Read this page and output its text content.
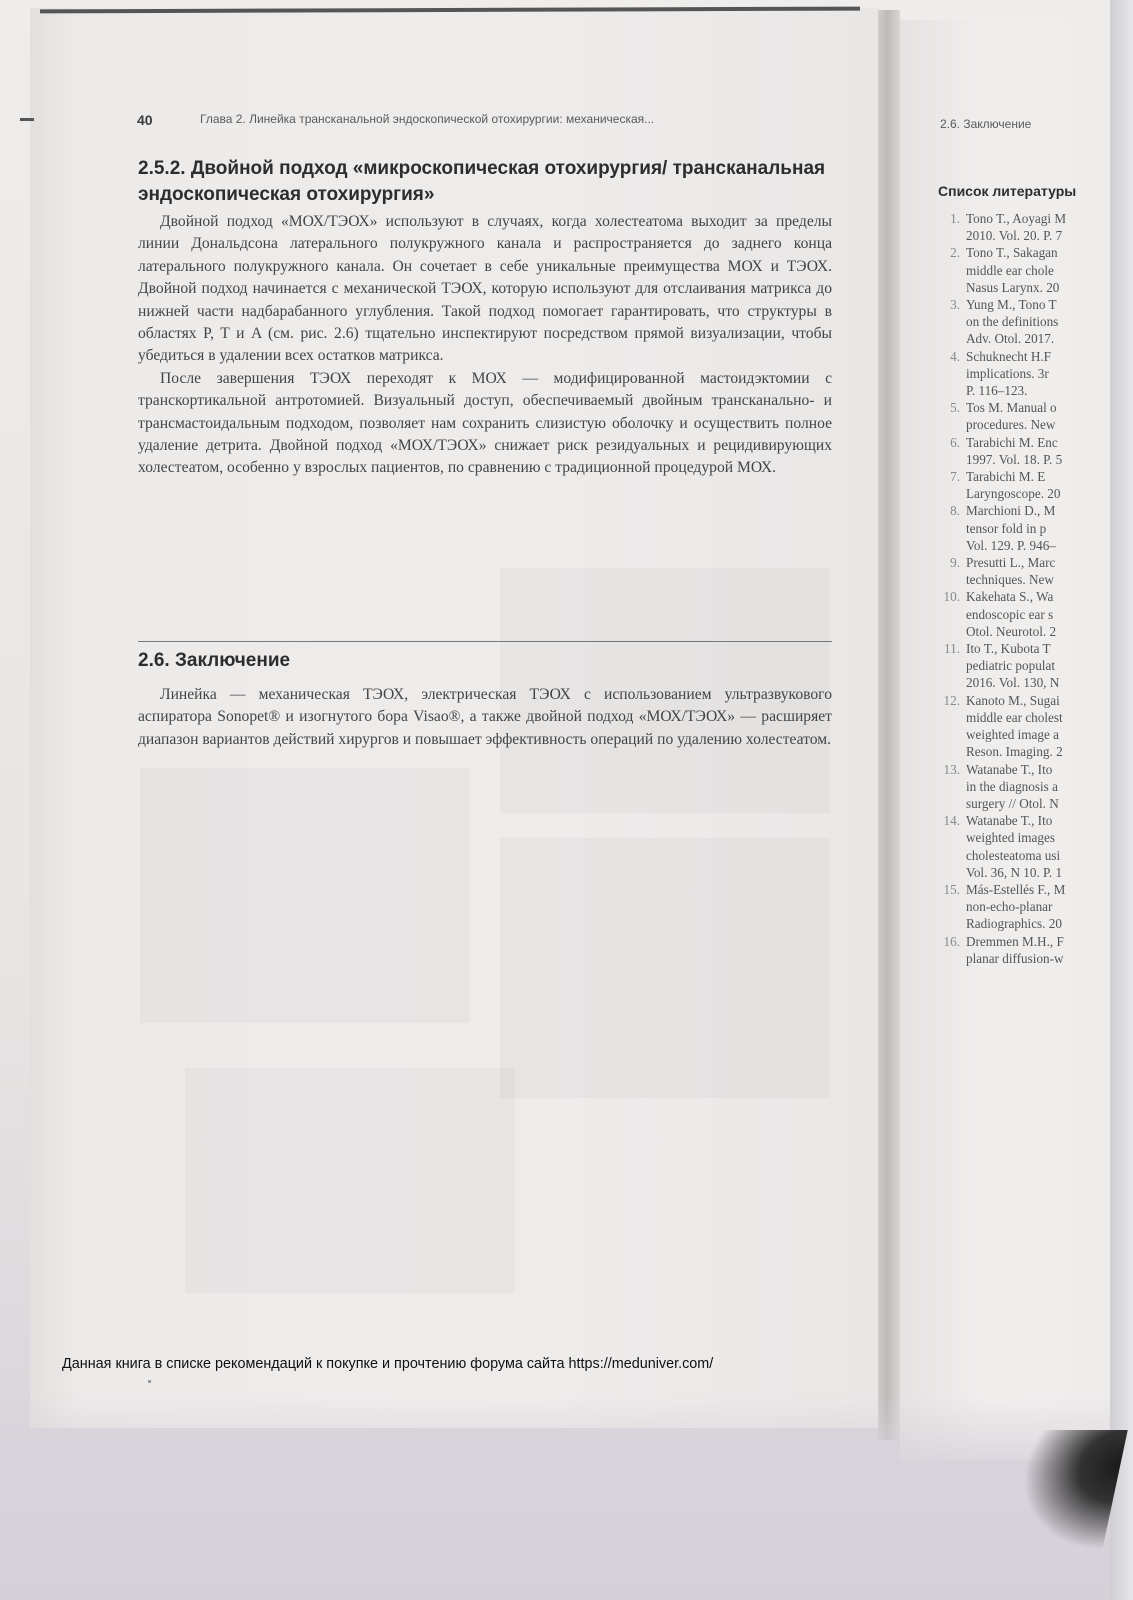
40	Глава 2. Линейка трансканальной эндоскопической отохирургии: механическая...
2.5.2. Двойной подход «микроскопическая отохирургия/ трансканальная эндоскопическая отохирургия»

Двойной подход «МОХ/ТЭОХ» используют в случаях, когда холестеатома выходит за пределы линии Дональдсона латерального полукружного канала и распространяется до заднего конца латерального полукружного канала. Он сочетает в себе уникальные преимущества МОХ и ТЭОХ. Двойной подход начинается с механической ТЭОХ, которую используют для отслаивания матрикса до нижней части надбарабанного углубления. Такой подход помогает гарантировать, что структуры в областях P, T и A (см. рис. 2.6) тщательно инспектируют посредством прямой визуализации, чтобы убедиться в удалении всех остатков матрикса.

После завершения ТЭОХ переходят к МОХ — модифицированной мастоидэктомии с транскортикальной антротомией. Визуальный доступ, обеспечиваемый двойным трансканально- и трансмастоидальным подходом, позволяет нам сохранить слизистую оболочку и осуществить полное удаление детрита. Двойной подход «МОХ/ТЭОХ» снижает риск резидуальных и рецидивирующих холестеатом, особенно у взрослых пациентов, по сравнению с традиционной процедурой МОХ.

2.6. Заключение

Линейка — механическая ТЭОХ, электрическая ТЭОХ с использованием ультразвукового аспиратора Sonopet® и изогнутого бора Visao®, а также двойной подход «МОХ/ТЭОХ» — расширяет диапазон вариантов действий хирургов и повышает эффективность операций по удалению холестеатом.

2.6. Заключение
Список литературы
1. Tono T., Aoyagi M
2010. Vol. 20. P. 7
2. Tono T., Sakagan
middle ear chole
Nasus Larynx. 20
3. Yung M., Tono T
on the definitions
Adv. Otol. 2017.
4. Schuknecht H.F
implications. 3r
P. 116–123.
5. Tos M. Manual o
procedures. New
6. Tarabichi M. Enc
1997. Vol. 18. P. 5
7. Tarabichi M. E
Laryngoscope. 20
8. Marchioni D., M
tensor fold in p
Vol. 129. P. 946–
9. Presutti L., Marc
techniques. New
10. Kakehata S., Wa
endoscopic ear s
Otol. Neurotol. 2
11. Ito T., Kubota T
pediatric populat
2016. Vol. 130, N
12. Kanoto M., Sugai
middle ear cholest
weighted image a
Reson. Imaging. 2
13. Watanabe T., Ito
in the diagnosis a
surgery // Otol. N
14. Watanabe T., Ito
weighted images
cholesteatoma usi
Vol. 36, N 10. P. 1
15. Más-Estellés F., M
non-echo-planar
Radiographics. 20
16. Dremmen M.H., F
planar diffusion-w
Данная книга в списке рекомендаций к покупке и прочтению форума сайта https://meduniver.com/
